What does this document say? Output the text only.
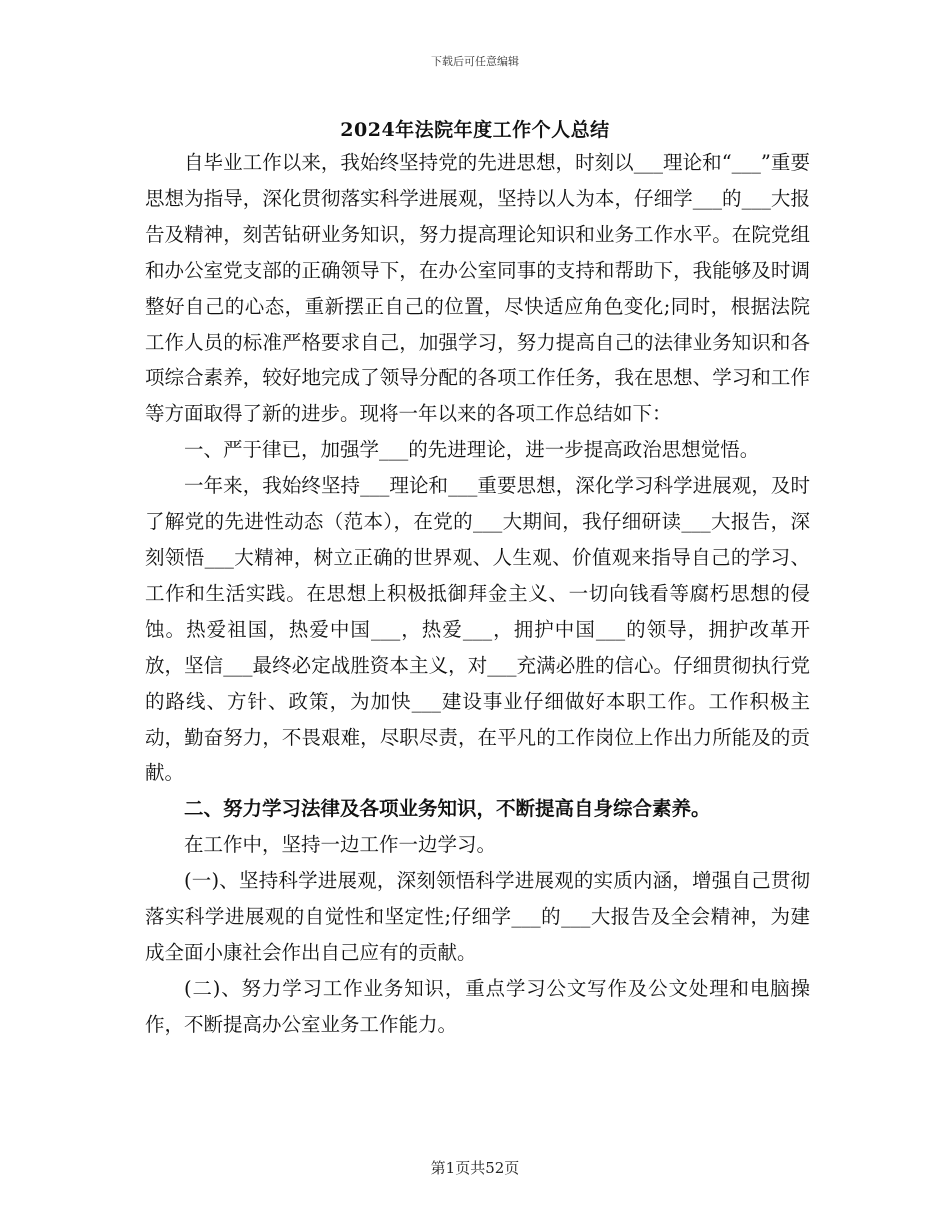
下载后可任意编辑
2024年法院年度工作个人总结

自毕业工作以来，我始终坚持党的先进思想，时刻以___理论和“___”重要思想为指导，深化贯彻落实科学进展观，坚持以人为本，仔细学___的___大报告及精神，刻苦钻研业务知识，努力提高理论知识和业务工作水平。在院党组和办公室党支部的正确领导下，在办公室同事的支持和帮助下，我能够及时调整好自己的心态，重新摆正自己的位置，尽快适应角色变化;同时，根据法院工作人员的标准严格要求自己，加强学习，努力提高自己的法律业务知识和各项综合素养，较好地完成了领导分配的各项工作任务，我在思想、学习和工作等方面取得了新的进步。现将一年以来的各项工作总结如下：

一、严于律已，加强学___的先进理论，进一步提高政治思想觉悟。

一年来，我始终坚持___理论和___重要思想，深化学习科学进展观，及时了解党的先进性动态（范本），在党的___大期间，我仔细研读___大报告，深刻领悟___大精神，树立正确的世界观、人生观、价值观来指导自己的学习、工作和生活实践。在思想上积极抵御拜金主义、一切向钱看等腐朽思想的侵蚀。热爱祖国，热爱中国___，热爱___，拥护中国___的领导，拥护改革开放，坚信___最终必定战胜资本主义，对___充满必胜的信心。仔细贯彻执行党的路线、方针、政策，为加快___建设事业仔细做好本职工作。工作积极主动，勤奋努力，不畏艰难，尽职尽责，在平凡的工作岗位上作出力所能及的贡献。

二、努力学习法律及各项业务知识，不断提高自身综合素养。

在工作中，坚持一边工作一边学习。

(一)、坚持科学进展观，深刻领悟科学进展观的实质内涵，增强自己贯彻落实科学进展观的自觉性和坚定性;仔细学___的___大报告及全会精神，为建成全面小康社会作出自己应有的贡献。

(二)、努力学习工作业务知识，重点学习公文写作及公文处理和电脑操作，不断提高办公室业务工作能力。

第1页共52页
